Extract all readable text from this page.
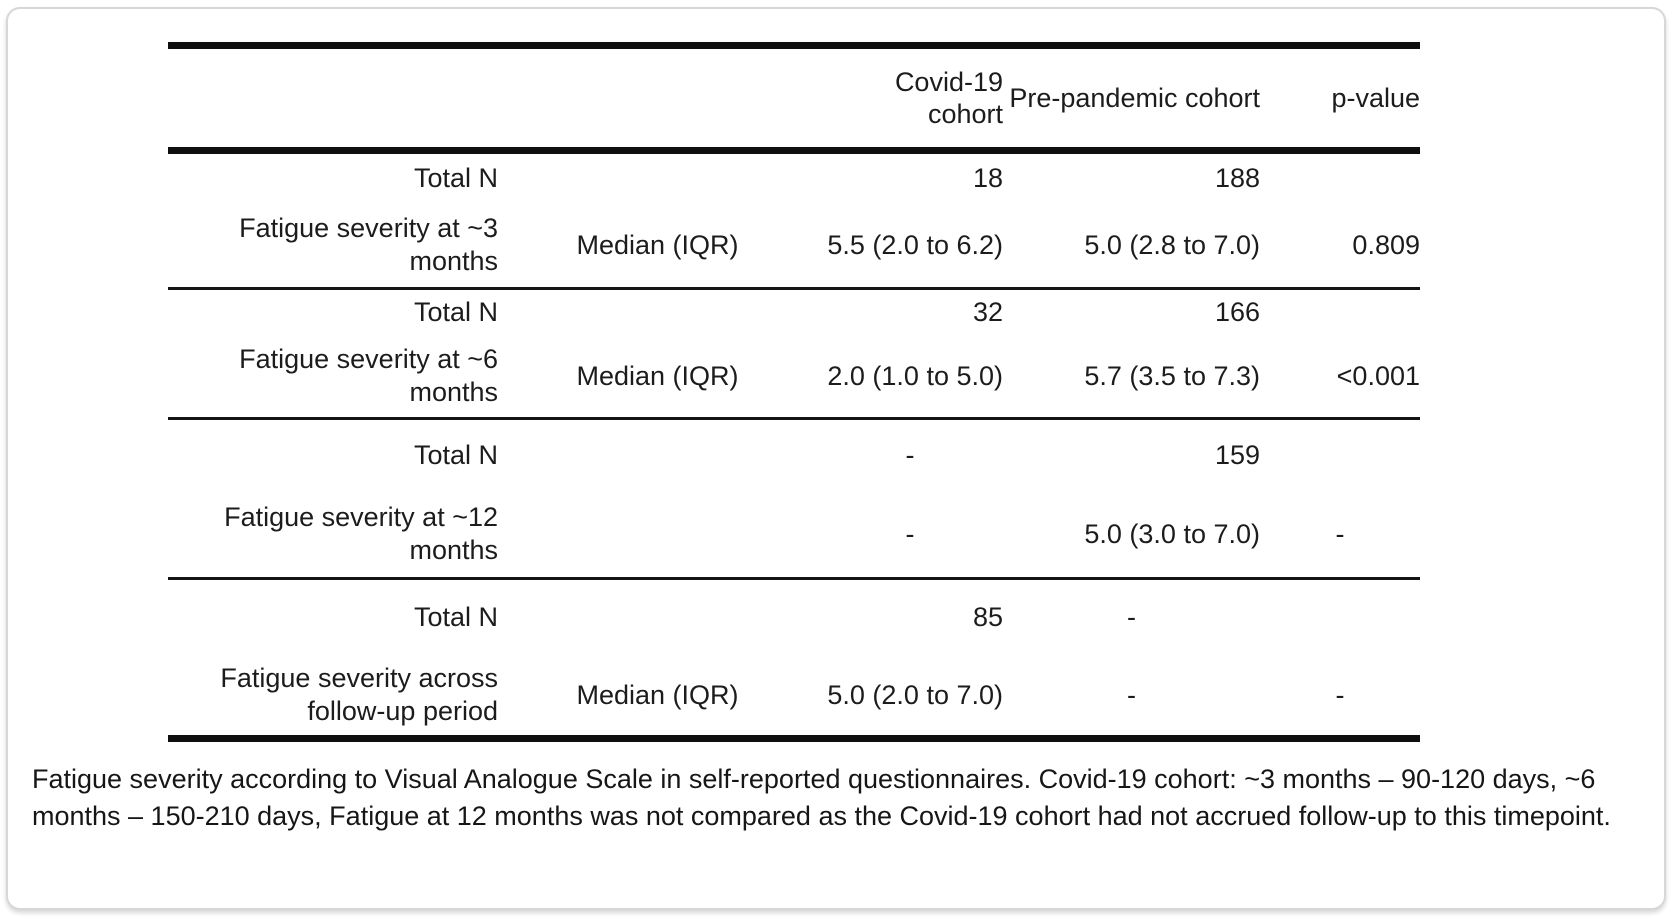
		Covid-19 cohort	Pre-pandemic cohort	p-value
Total N		18	188	
Fatigue severity at ~3 months	Median (IQR)	5.5 (2.0 to 6.2)	5.0 (2.8 to 7.0)	0.809
Total N		32	166	
Fatigue severity at ~6 months	Median (IQR)	2.0 (1.0 to 5.0)	5.7 (3.5 to 7.3)	<0.001
Total N		-	159	
Fatigue severity at ~12 months		-	5.0 (3.0 to 7.0)	-
Total N		85	-	
Fatigue severity across follow-up period	Median (IQR)	5.0 (2.0 to 7.0)	-	-
Fatigue severity according to Visual Analogue Scale in self-reported questionnaires. Covid-19 cohort: ~3 months – 90-120 days, ~6 months – 150-210 days, Fatigue at 12 months was not compared as the Covid-19 cohort had not accrued follow-up to this timepoint.
